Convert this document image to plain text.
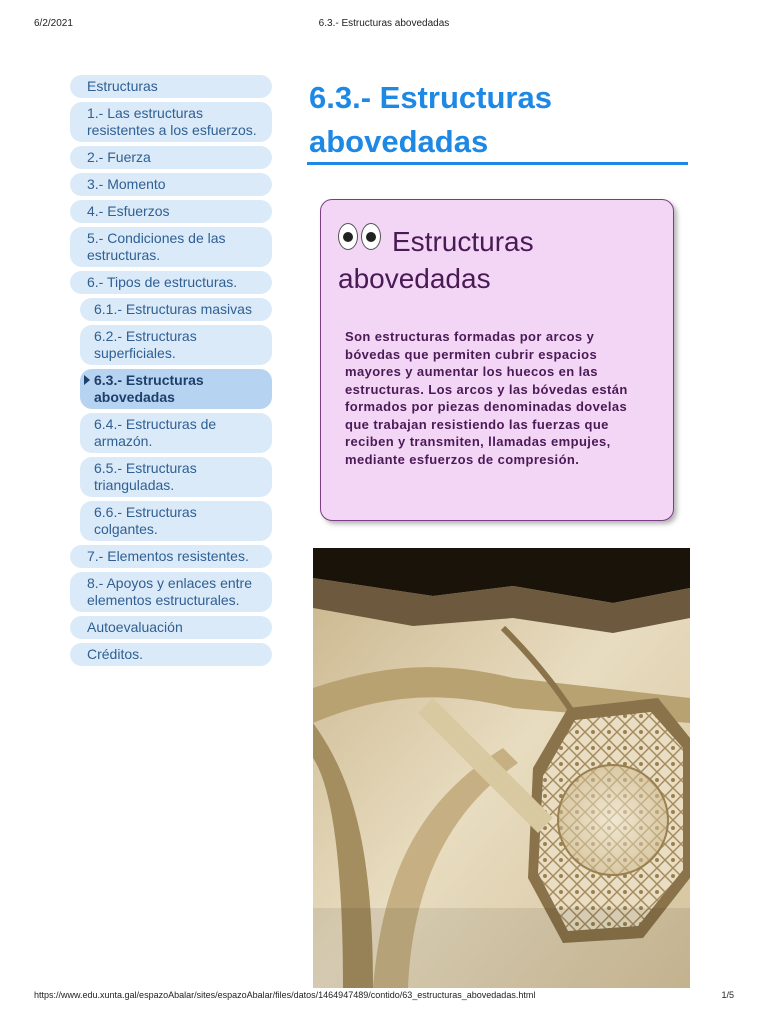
6/2/2021	6.3.- Estructuras abovedadas
Estructuras
1.- Las estructuras resistentes a los esfuerzos.
2.- Fuerza
3.- Momento
4.- Esfuerzos
5.- Condiciones de las estructuras.
6.- Tipos de estructuras.
6.1.- Estructuras masivas
6.2.- Estructuras superficiales.
6.3.- Estructuras abovedadas
6.4.- Estructuras de armazón.
6.5.- Estructuras trianguladas.
6.6.- Estructuras colgantes.
7.- Elementos resistentes.
8.- Apoyos y enlaces entre elementos estructurales.
Autoevaluación
Créditos.
6.3.- Estructuras abovedadas
Estructuras abovedadas

Son estructuras formadas por arcos y bóvedas que permiten cubrir espacios mayores y aumentar los huecos en las estructuras. Los arcos y las bóvedas están formados por piezas denominadas dovelas que trabajan resistiendo las fuerzas que reciben y transmiten, llamadas empujes, mediante esfuerzos de compresión.

https://www.edu.xunta.gal/espazoAbalar/sites/espazoAbalar/files/datos/1464947489/contido/63_estructuras_abovedadas.html	1/5
